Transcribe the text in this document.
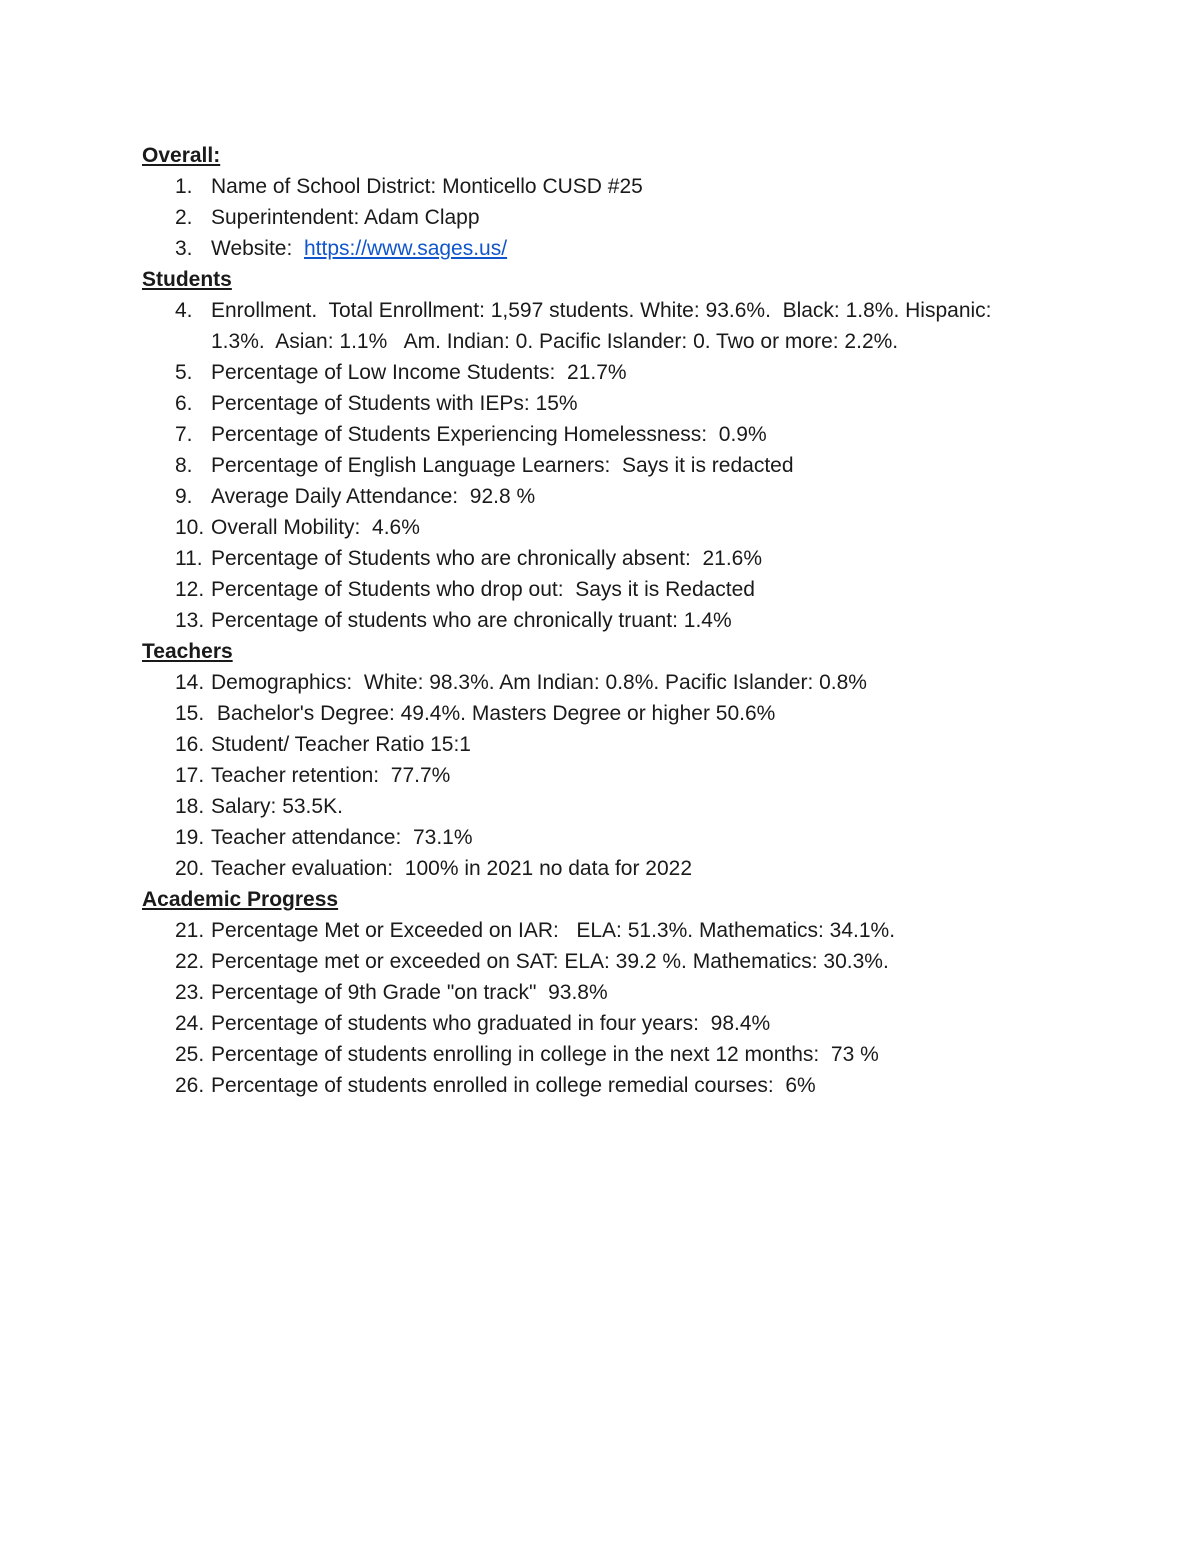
Overall:
1. Name of School District: Monticello CUSD #25
2. Superintendent: Adam Clapp
3. Website:  https://www.sages.us/
Students
4. Enrollment.  Total Enrollment: 1,597 students. White: 93.6%.  Black: 1.8%. Hispanic: 1.3%.  Asian: 1.1%   Am. Indian: 0. Pacific Islander: 0. Two or more: 2.2%.
5. Percentage of Low Income Students:  21.7%
6. Percentage of Students with IEPs: 15%
7. Percentage of Students Experiencing Homelessness:  0.9%
8. Percentage of English Language Learners:  Says it is redacted
9. Average Daily Attendance:  92.8 %
10. Overall Mobility:  4.6%
11. Percentage of Students who are chronically absent:  21.6%
12. Percentage of Students who drop out:  Says it is Redacted
13. Percentage of students who are chronically truant: 1.4%
Teachers
14. Demographics:  White: 98.3%. Am Indian: 0.8%. Pacific Islander: 0.8%
15. Bachelor's Degree: 49.4%. Masters Degree or higher 50.6%
16. Student/ Teacher Ratio 15:1
17. Teacher retention:  77.7%
18. Salary: 53.5K.
19. Teacher attendance:  73.1%
20. Teacher evaluation:  100% in 2021 no data for 2022
Academic Progress
21. Percentage Met or Exceeded on IAR:   ELA: 51.3%. Mathematics: 34.1%.
22. Percentage met or exceeded on SAT: ELA: 39.2 %. Mathematics: 30.3%.
23. Percentage of 9th Grade "on track"  93.8%
24. Percentage of students who graduated in four years:  98.4%
25. Percentage of students enrolling in college in the next 12 months:  73 %
26. Percentage of students enrolled in college remedial courses:  6%
